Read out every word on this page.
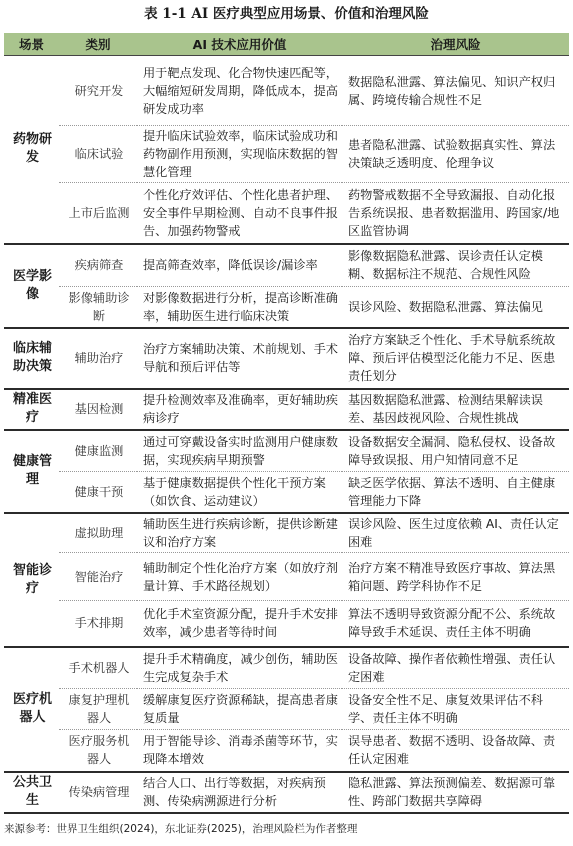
表 1-1 AI 医疗典型应用场景、价值和治理风险
场景	类别	AI 技术应用价值	治理风险
药物研发	研究开发	用于靶点发现、化合物快速匹配等，大幅缩短研发周期，降低成本，提高研发成功率	数据隐私泄露、算法偏见、知识产权归属、跨境传输合规性不足
	临床试验	提升临床试验效率，临床试验成功和药物副作用预测，实现临床数据的智慧化管理	患者隐私泄露、试验数据真实性、算法决策缺乏透明度、伦理争议
	上市后监测	个性化疗效评估、个性化患者护理、安全事件早期检测、自动不良事件报告、加强药物警戒	药物警戒数据不全导致漏报、自动化报告系统误报、患者数据滥用、跨国家/地区监管协调
医学影像	疾病筛查	提高筛查效率，降低误诊/漏诊率	影像数据隐私泄露、误诊责任认定模糊、数据标注不规范、合规性风险
	影像辅助诊断	对影像数据进行分析，提高诊断准确率，辅助医生进行临床决策	误诊风险、数据隐私泄露、算法偏见
临床辅助决策	辅助治疗	治疗方案辅助决策、术前规划、手术导航和预后评估等	治疗方案缺乏个性化、手术导航系统故障、预后评估模型泛化能力不足、医患责任划分
精准医疗	基因检测	提升检测效率及准确率，更好辅助疾病诊疗	基因数据隐私泄露、检测结果解读误差、基因歧视风险、合规性挑战
健康管理	健康监测	通过可穿戴设备实时监测用户健康数据，实现疾病早期预警	设备数据安全漏洞、隐私侵权、设备故障导致误报、用户知情同意不足
	健康干预	基于健康数据提供个性化干预方案（如饮食、运动建议）	缺乏医学依据、算法不透明、自主健康管理能力下降
智能诊疗	虚拟助理	辅助医生进行疾病诊断，提供诊断建议和治疗方案	误诊风险、医生过度依赖 AI、责任认定困难
	智能治疗	辅助制定个性化治疗方案（如放疗剂量计算、手术路径规划）	治疗方案不精准导致医疗事故、算法黑箱问题、跨学科协作不足
	手术排期	优化手术室资源分配，提升手术安排效率，减少患者等待时间	算法不透明导致资源分配不公、系统故障导致手术延误、责任主体不明确
医疗机器人	手术机器人	提升手术精确度，减少创伤，辅助医生完成复杂手术	设备故障、操作者依赖性增强、责任认定困难
	康复护理机器人	缓解康复医疗资源稀缺，提高患者康复质量	设备安全性不足、康复效果评估不科学、责任主体不明确
	医疗服务机器人	用于智能导诊、消毒杀菌等环节，实现降本增效	误导患者、数据不透明、设备故障、责任认定困难
公共卫生	传染病管理	结合人口、出行等数据，对疾病预测、传染病溯源进行分析	隐私泄露、算法预测偏差、数据源可靠性、跨部门数据共享障碍
来源参考：世界卫生组织(2024)，东北证券(2025)，治理风险栏为作者整理
